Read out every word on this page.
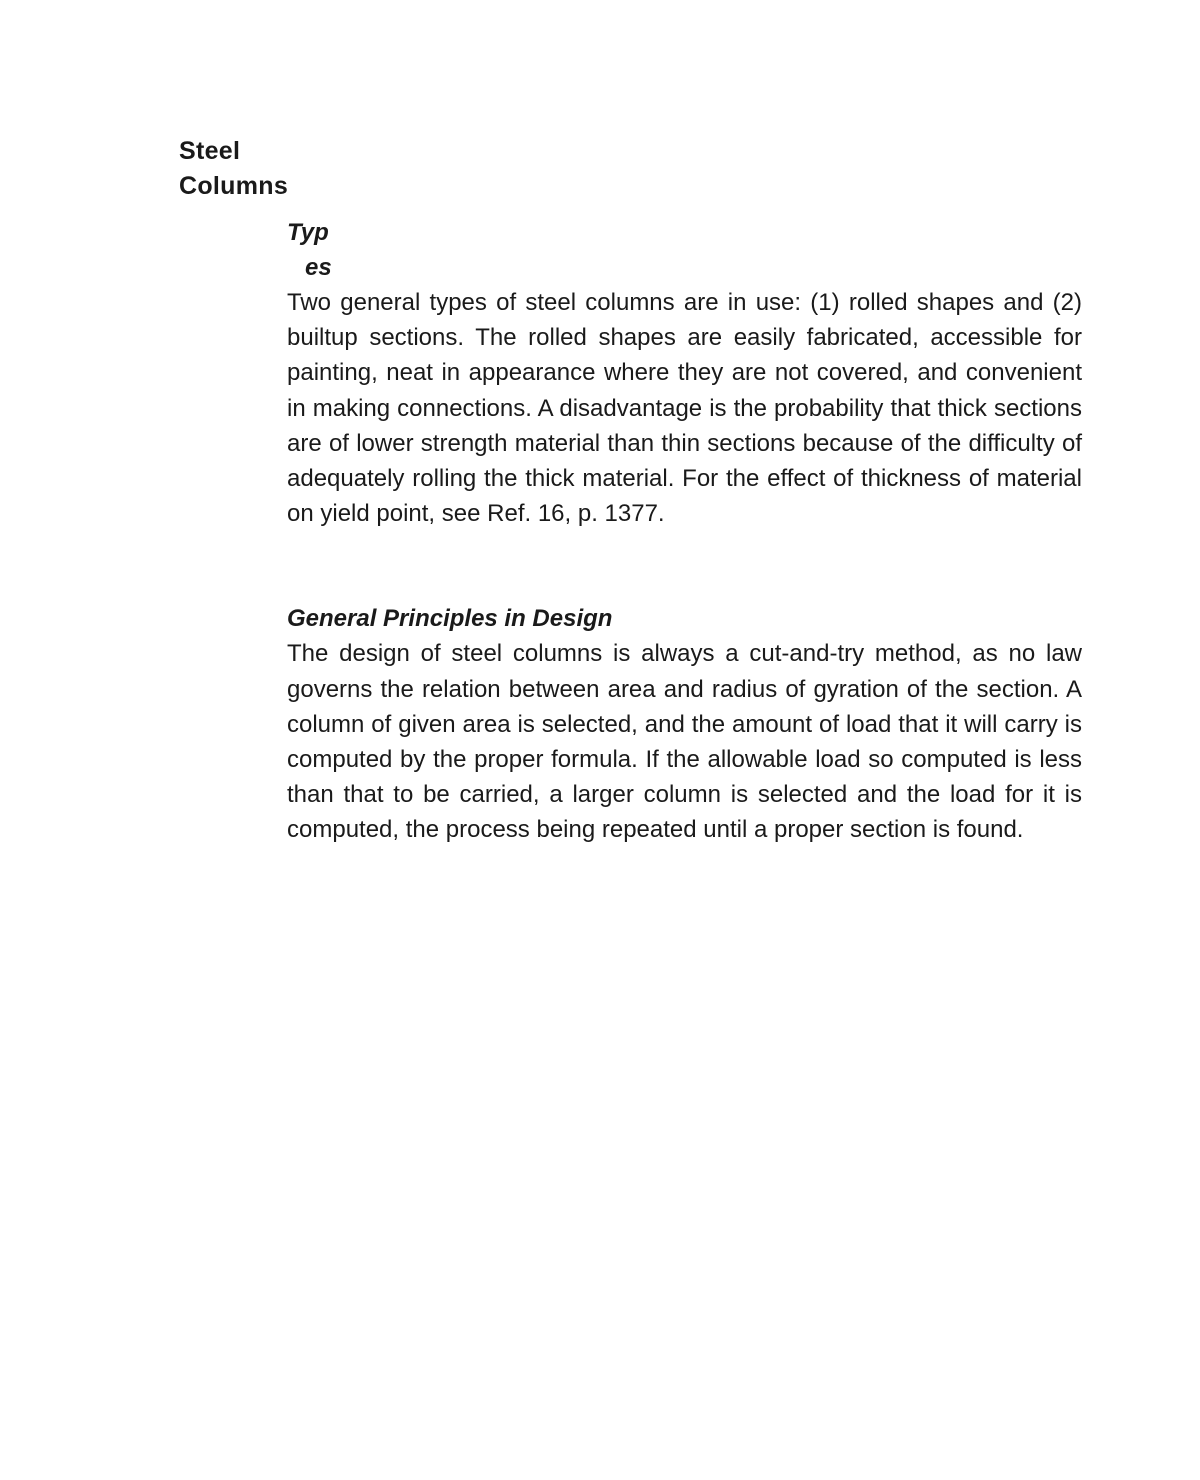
Steel
Columns
Typ
es

Two general types of steel columns are in use: (1) rolled shapes and (2) builtup sections. The rolled shapes are easily fabricated, accessible for painting, neat in appearance where they are not covered, and convenient in making connections. A disadvantage is the probability that thick sections are of lower strength material than thin sections because of the difficulty of adequately rolling the thick material. For the effect of thickness of material on yield point, see Ref. 16, p. 1377.

General Principles in Design

The design of steel columns is always a cut-and-try method, as no law governs the relation between area and radius of gyration of the section. A column of given area is selected, and the amount of load that it will carry is computed by the proper formula. If the allowable load so computed is less than that to be carried, a larger column is selected and the load for it is computed, the process being repeated until a proper section is found.
